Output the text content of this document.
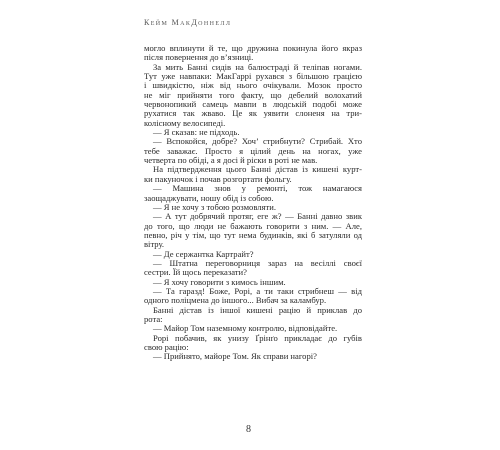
Кейм МакДоннелл
могло вплинути й те, що дружина покинула його якраз
після повернення до в’язниці.
За мить Банні сидів на балюстраді й теліпав ногами.
Тут уже навпаки: МакГаррі рухався з більшою грацією
і швидкістю, ніж від нього очікували. Мозок просто
не міг прийняти того факту, що дебелий волохатий
червонопикий самець мавпи в людській подобі може
рухатися так жваво. Це як уявити слоненя на три-
колісному велосипеді.
— Я сказав: не підходь.
— Вспокойся, добре? Хоч’ стрибнути? Стрибай. Хто
тебе заважає. Просто я цілий день на ногах, уже
четверта по обіді, а я досі й ріски в роті не мав.
На підтвердження цього Банні дістав із кишені курт-
ки пакуночок і почав розгортати фольгу.
— Машина знов у ремонті, тож намагаюся
заощаджувати, ношу обід із собою.
— Я не хочу з тобою розмовляти.
— А тут добрячий протяг, еге ж? — Банні давно звик
до того, що люди не бажають говорити з ним. — Але,
певно, річ у тім, що тут нема будинків, які б затуляли од
вітру.
— Де сержантка Картрайт?
— Штатна переговорниця зараз на весіллі своєї
сестри. Їй щось переказати?
— Я хочу говорити з кимось іншим.
— Та гаразд! Боже, Рорі, а ти таки стрибнеш — від
одного поліцмена до іншого... Вибач за каламбур.
Банні дістав із іншої кишені рацію й приклав до
рота:
— Майор Том наземному контролю, відповідайте.
Рорі побачив, як унизу Ґрінґо прикладає до губів
свою рацію:
— Прийнято, майоре Том. Як справи нагорі?
8
